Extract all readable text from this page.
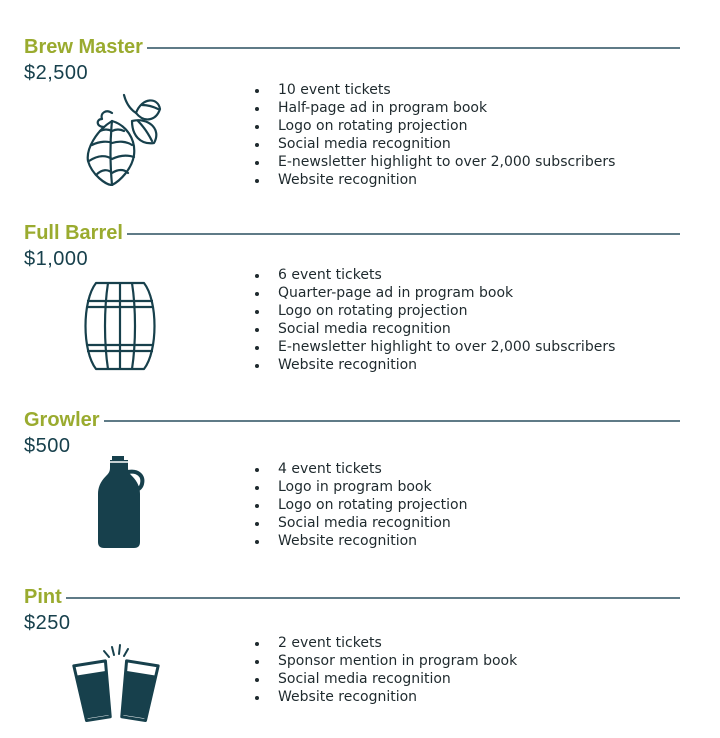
Brew Master
$2,500
10 event tickets
Half-page ad in program book
Logo on rotating projection
Social media recognition
E-newsletter highlight to over 2,000 subscribers
Website recognition
Full Barrel
$1,000
6 event tickets
Quarter-page ad in program book
Logo on rotating projection
Social media recognition
E-newsletter highlight to over 2,000 subscribers
Website recognition
Growler
$500
4 event tickets
Logo in program book
Logo on rotating projection
Social media recognition
Website recognition
Pint
$250
2 event tickets
Sponsor mention in program book
Social media recognition
Website recognition
